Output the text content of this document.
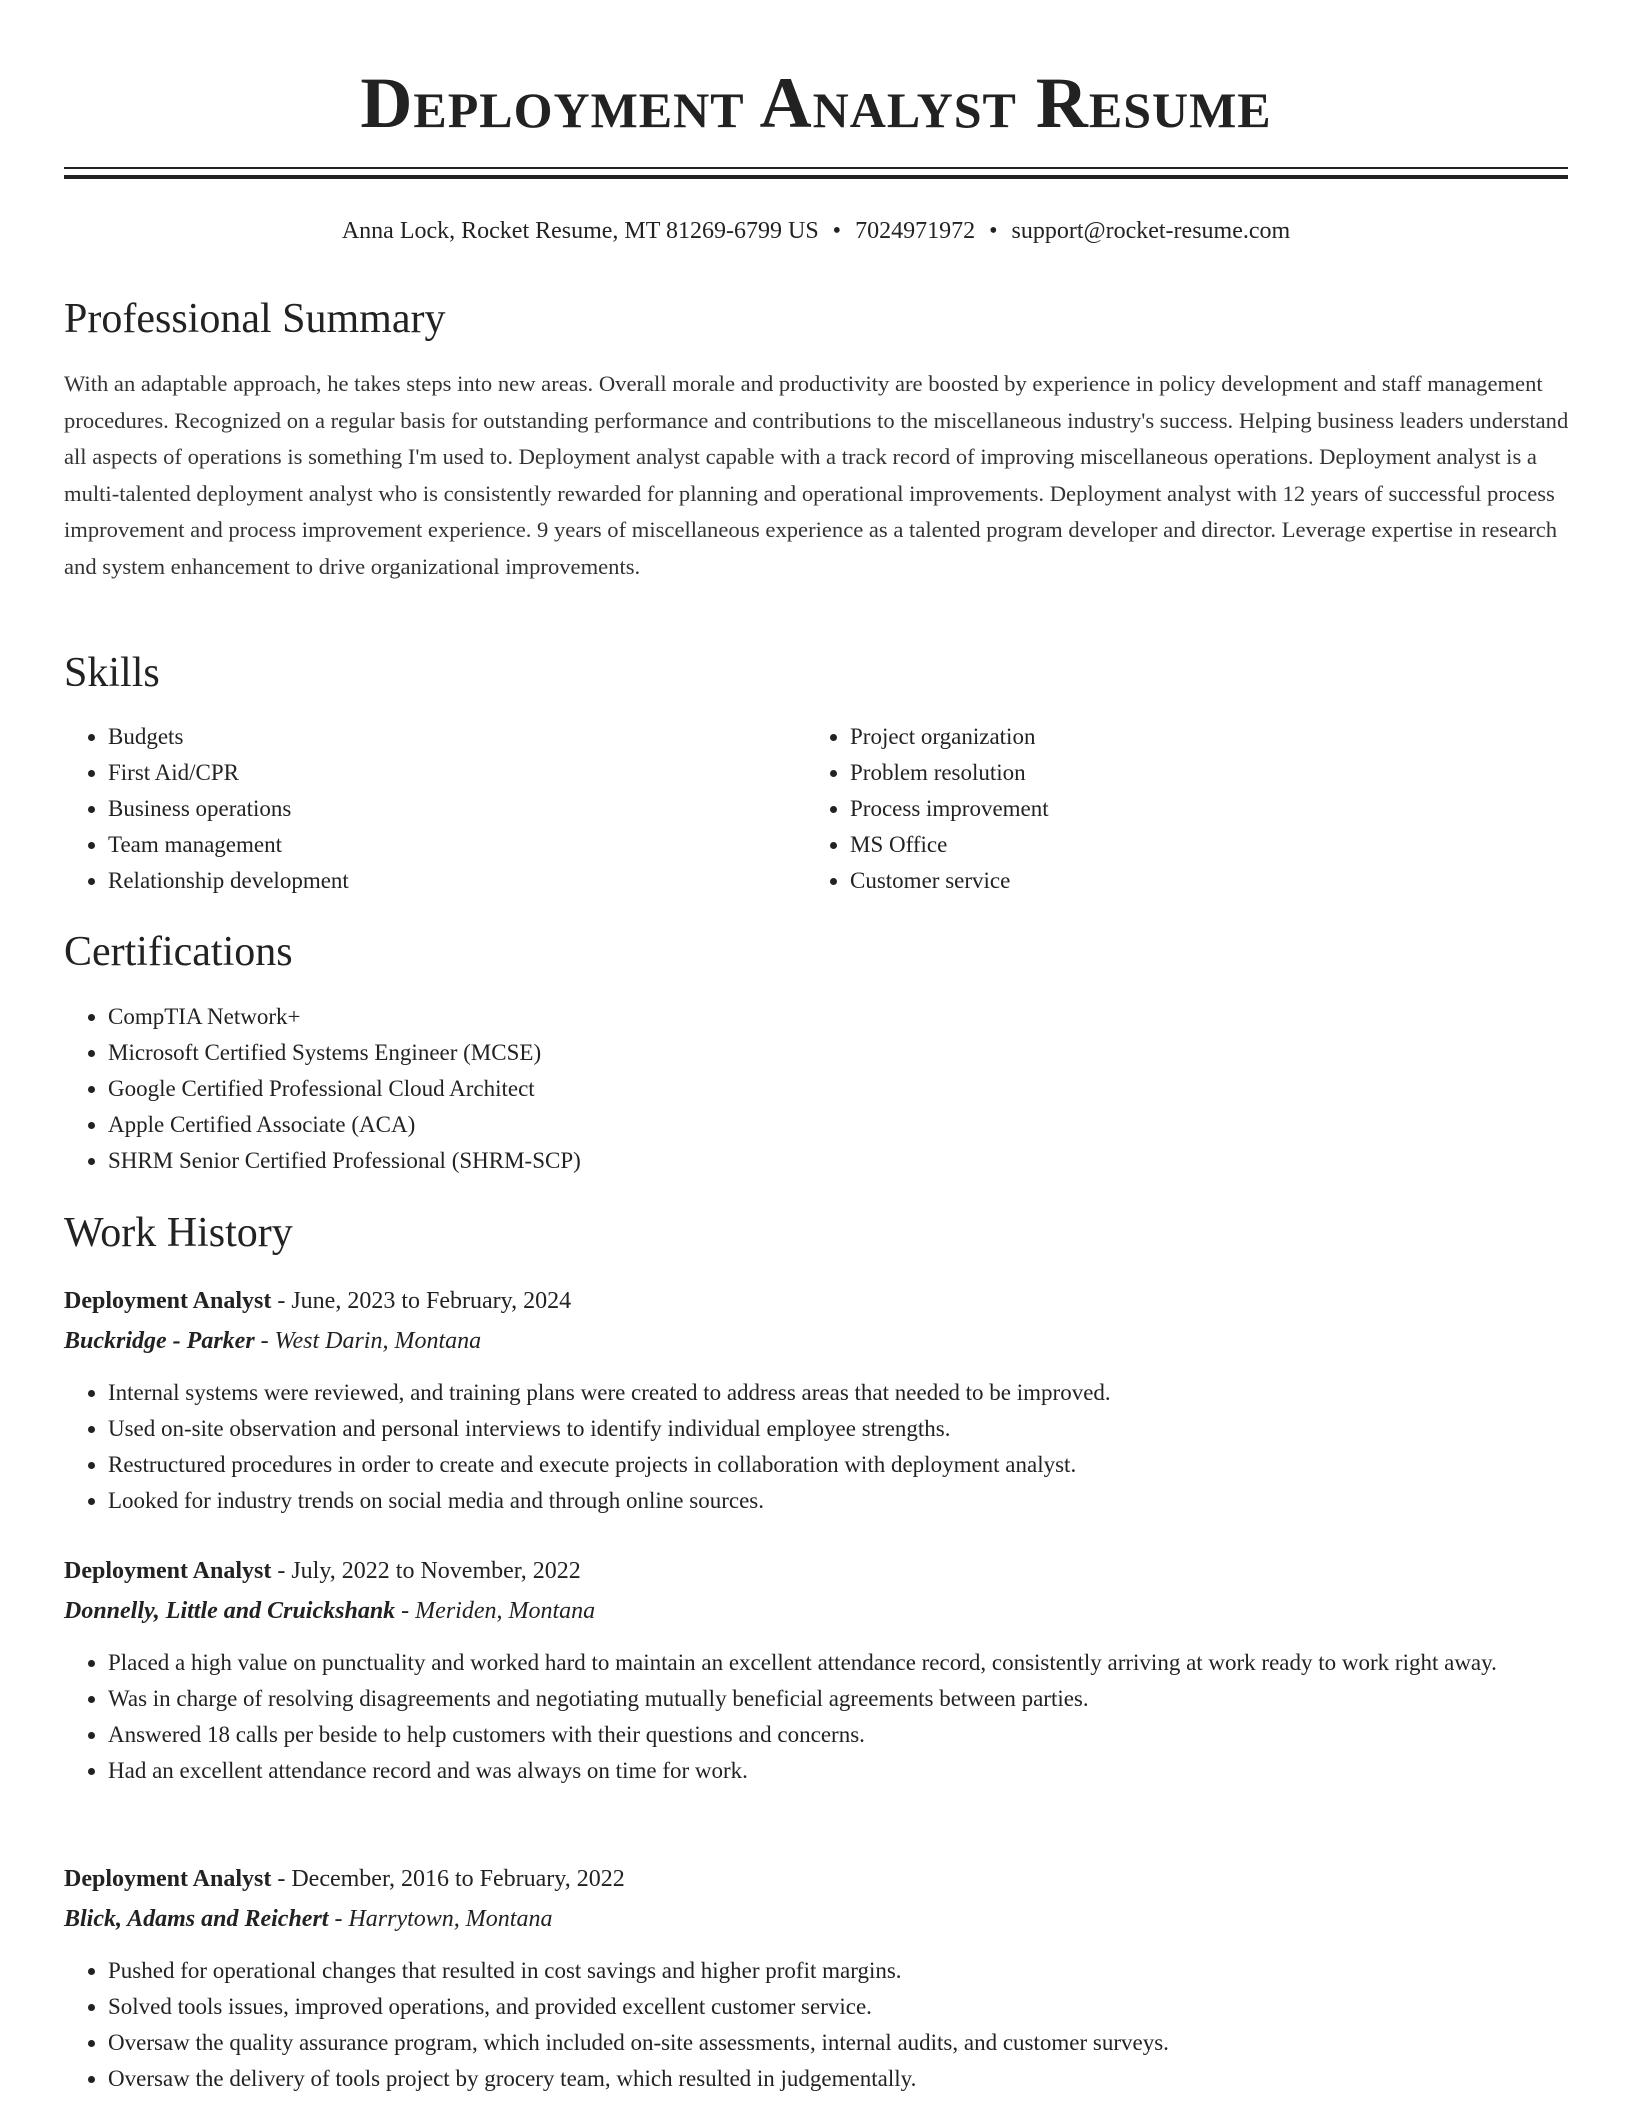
Deployment Analyst Resume
Anna Lock, Rocket Resume, MT 81269-6799 US • 7024971972 • support@rocket-resume.com
Professional Summary

With an adaptable approach, he takes steps into new areas. Overall morale and productivity are boosted by experience in policy development and staff management procedures. Recognized on a regular basis for outstanding performance and contributions to the miscellaneous industry's success. Helping business leaders understand all aspects of operations is something I'm used to. Deployment analyst capable with a track record of improving miscellaneous operations. Deployment analyst is a multi-talented deployment analyst who is consistently rewarded for planning and operational improvements. Deployment analyst with 12 years of successful process improvement and process improvement experience. 9 years of miscellaneous experience as a talented program developer and director. Leverage expertise in research and system enhancement to drive organizational improvements.

Skills
• Budgets
• First Aid/CPR
• Business operations
• Team management
• Relationship development
• Project organization
• Problem resolution
• Process improvement
• MS Office
• Customer service
Certifications
• CompTIA Network+
• Microsoft Certified Systems Engineer (MCSE)
• Google Certified Professional Cloud Architect
• Apple Certified Associate (ACA)
• SHRM Senior Certified Professional (SHRM-SCP)
Work History
Deployment Analyst - June, 2023 to February, 2024
Buckridge - Parker - West Darin, Montana
• Internal systems were reviewed, and training plans were created to address areas that needed to be improved.
• Used on-site observation and personal interviews to identify individual employee strengths.
• Restructured procedures in order to create and execute projects in collaboration with deployment analyst.
• Looked for industry trends on social media and through online sources.
Deployment Analyst - July, 2022 to November, 2022
Donnelly, Little and Cruickshank - Meriden, Montana
• Placed a high value on punctuality and worked hard to maintain an excellent attendance record, consistently arriving at work ready to work right away.
• Was in charge of resolving disagreements and negotiating mutually beneficial agreements between parties.
• Answered 18 calls per beside to help customers with their questions and concerns.
• Had an excellent attendance record and was always on time for work.
Deployment Analyst - December, 2016 to February, 2022
Blick, Adams and Reichert - Harrytown, Montana
• Pushed for operational changes that resulted in cost savings and higher profit margins.
• Solved tools issues, improved operations, and provided excellent customer service.
• Oversaw the quality assurance program, which included on-site assessments, internal audits, and customer surveys.
• Oversaw the delivery of tools project by grocery team, which resulted in judgementally.
